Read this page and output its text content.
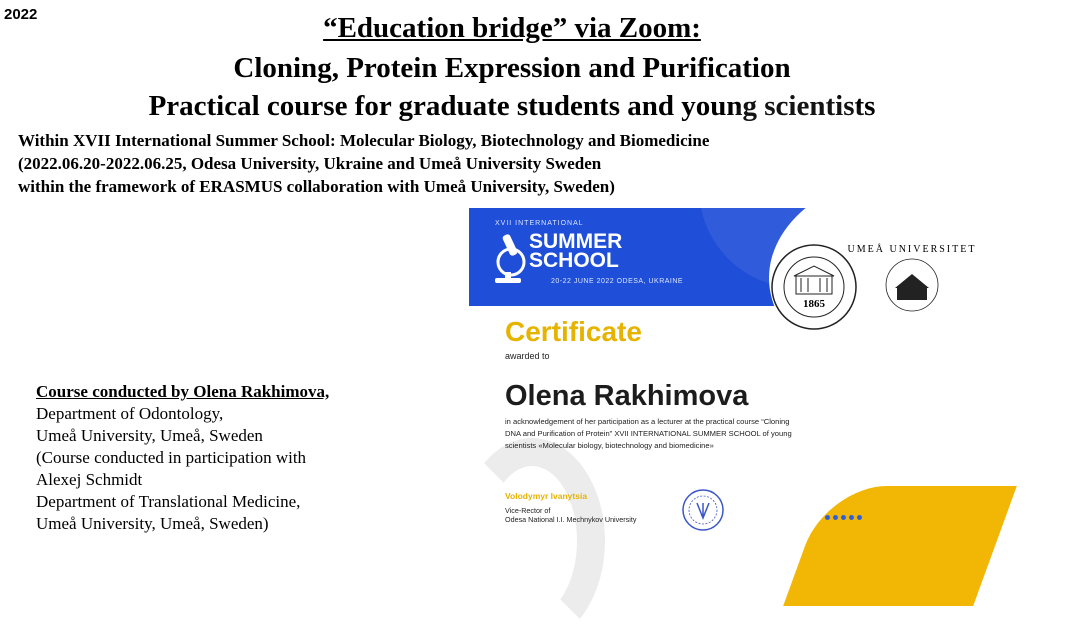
2022	“Education bridge” via Zoom:
Cloning, Protein Expression and Purification
Practical course for graduate students and young scientists
Within XVII International Summer School: Molecular Biology, Biotechnology and Biomedicine
(2022.06.20-2022.06.25, Odesa University, Ukraine and Umeå University Sweden
within the framework of ERASMUS collaboration with Umeå University, Sweden)
Course conducted by Olena Rakhimova,
Department of Odontology,
Umeå University, Umeå, Sweden
(Course conducted in participation with
Alexej Schmidt
Department of Translational Medicine,
Umeå University, Umeå, Sweden)
XVII INTERNATIONAL
SUMMER
SCHOOL
20-22 JUNE 2022 ODESA, UKRAINE
1865
UMEÅ UNIVERSITET
Certificate
awarded to
Olena Rakhimova
in acknowledgement of her participation as a lecturer at the practical course “Cloning DNA and Purification of Protein” XVII INTERNATIONAL SUMMER SCHOOL of young scientists «Molecular biology, biotechnology and biomedicine»
Volodymyr Ivanytsia
Vice-Rector of
Odesa National I.I. Mechnykov University
